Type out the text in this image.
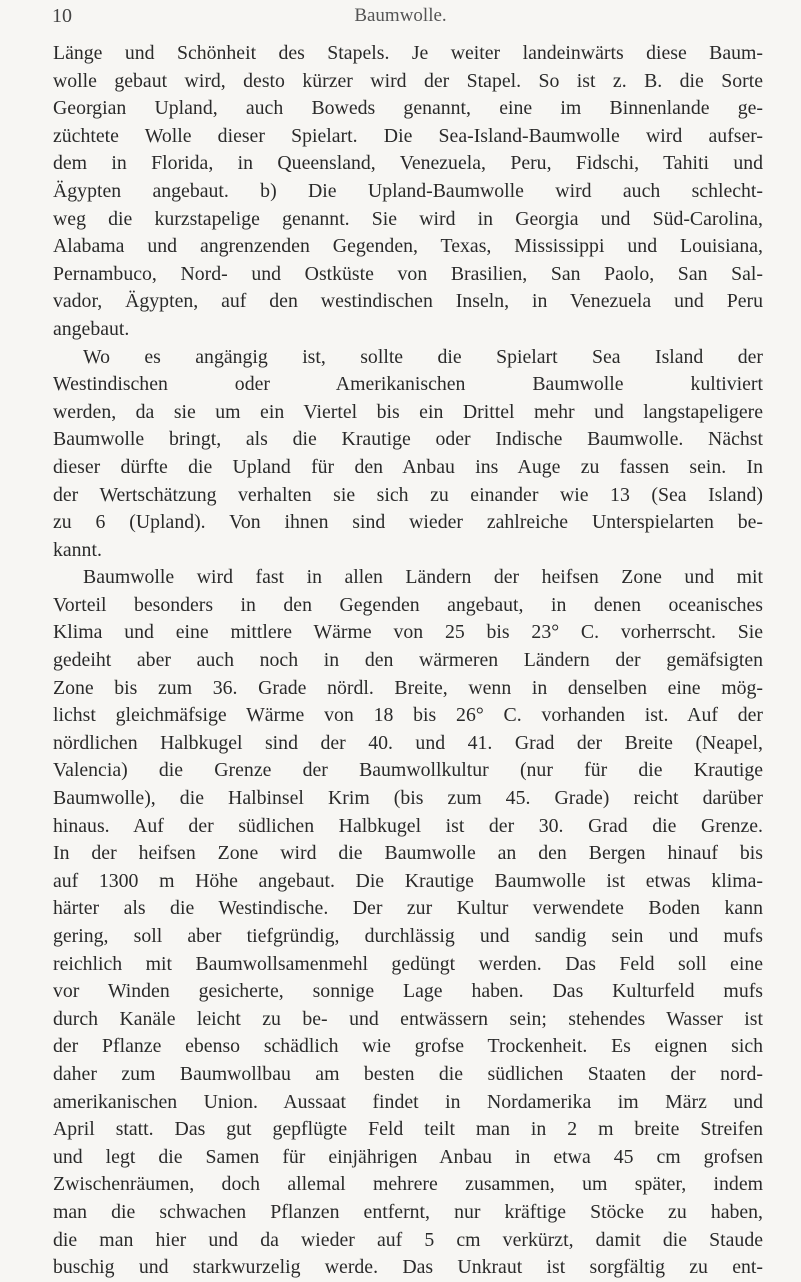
10	Baumwolle.
Länge und Schönheit des Stapels. Je weiter landeinwärts diese Baum-
wolle gebaut wird, desto kürzer wird der Stapel. So ist z. B. die Sorte
Georgian Upland, auch Boweds genannt, eine im Binnenlande ge-
züchtete Wolle dieser Spielart. Die Sea-Island-Baumwolle wird aufser-
dem in Florida, in Queensland, Venezuela, Peru, Fidschi, Tahiti und
Ägypten angebaut. b) Die Upland-Baumwolle wird auch schlecht-
weg die kurzstapelige genannt. Sie wird in Georgia und Süd-Carolina,
Alabama und angrenzenden Gegenden, Texas, Mississippi und Louisiana,
Pernambuco, Nord- und Ostküste von Brasilien, San Paolo, San Sal-
vador, Ägypten, auf den westindischen Inseln, in Venezuela und Peru
angebaut.
Wo es angängig ist, sollte die Spielart Sea Island der
Westindischen oder Amerikanischen Baumwolle kultiviert
werden, da sie um ein Viertel bis ein Drittel mehr und langstapeligere
Baumwolle bringt, als die Krautige oder Indische Baumwolle. Nächst
dieser dürfte die Upland für den Anbau ins Auge zu fassen sein. In
der Wertschätzung verhalten sie sich zu einander wie 13 (Sea Island)
zu 6 (Upland). Von ihnen sind wieder zahlreiche Unterspielarten be-
kannt.
Baumwolle wird fast in allen Ländern der heifsen Zone und mit
Vorteil besonders in den Gegenden angebaut, in denen oceanisches
Klima und eine mittlere Wärme von 25 bis 23° C. vorherrscht. Sie
gedeiht aber auch noch in den wärmeren Ländern der gemäfsigten
Zone bis zum 36. Grade nördl. Breite, wenn in denselben eine mög-
lichst gleichmäfsige Wärme von 18 bis 26° C. vorhanden ist. Auf der
nördlichen Halbkugel sind der 40. und 41. Grad der Breite (Neapel,
Valencia) die Grenze der Baumwollkultur (nur für die Krautige
Baumwolle), die Halbinsel Krim (bis zum 45. Grade) reicht darüber
hinaus. Auf der südlichen Halbkugel ist der 30. Grad die Grenze.
In der heifsen Zone wird die Baumwolle an den Bergen hinauf bis
auf 1300 m Höhe angebaut. Die Krautige Baumwolle ist etwas klima-
härter als die Westindische. Der zur Kultur verwendete Boden kann
gering, soll aber tiefgründig, durchlässig und sandig sein und mufs
reichlich mit Baumwollsamenmehl gedüngt werden. Das Feld soll eine
vor Winden gesicherte, sonnige Lage haben. Das Kulturfeld mufs
durch Kanäle leicht zu be- und entwässern sein; stehendes Wasser ist
der Pflanze ebenso schädlich wie grofse Trockenheit. Es eignen sich
daher zum Baumwollbau am besten die südlichen Staaten der nord-
amerikanischen Union. Aussaat findet in Nordamerika im März und
April statt. Das gut gepflügte Feld teilt man in 2 m breite Streifen
und legt die Samen für einjährigen Anbau in etwa 45 cm grofsen
Zwischenräumen, doch allemal mehrere zusammen, um später, indem
man die schwachen Pflanzen entfernt, nur kräftige Stöcke zu haben,
die man hier und da wieder auf 5 cm verkürzt, damit die Staude
buschig und starkwurzelig werde. Das Unkraut ist sorgfältig zu ent-
